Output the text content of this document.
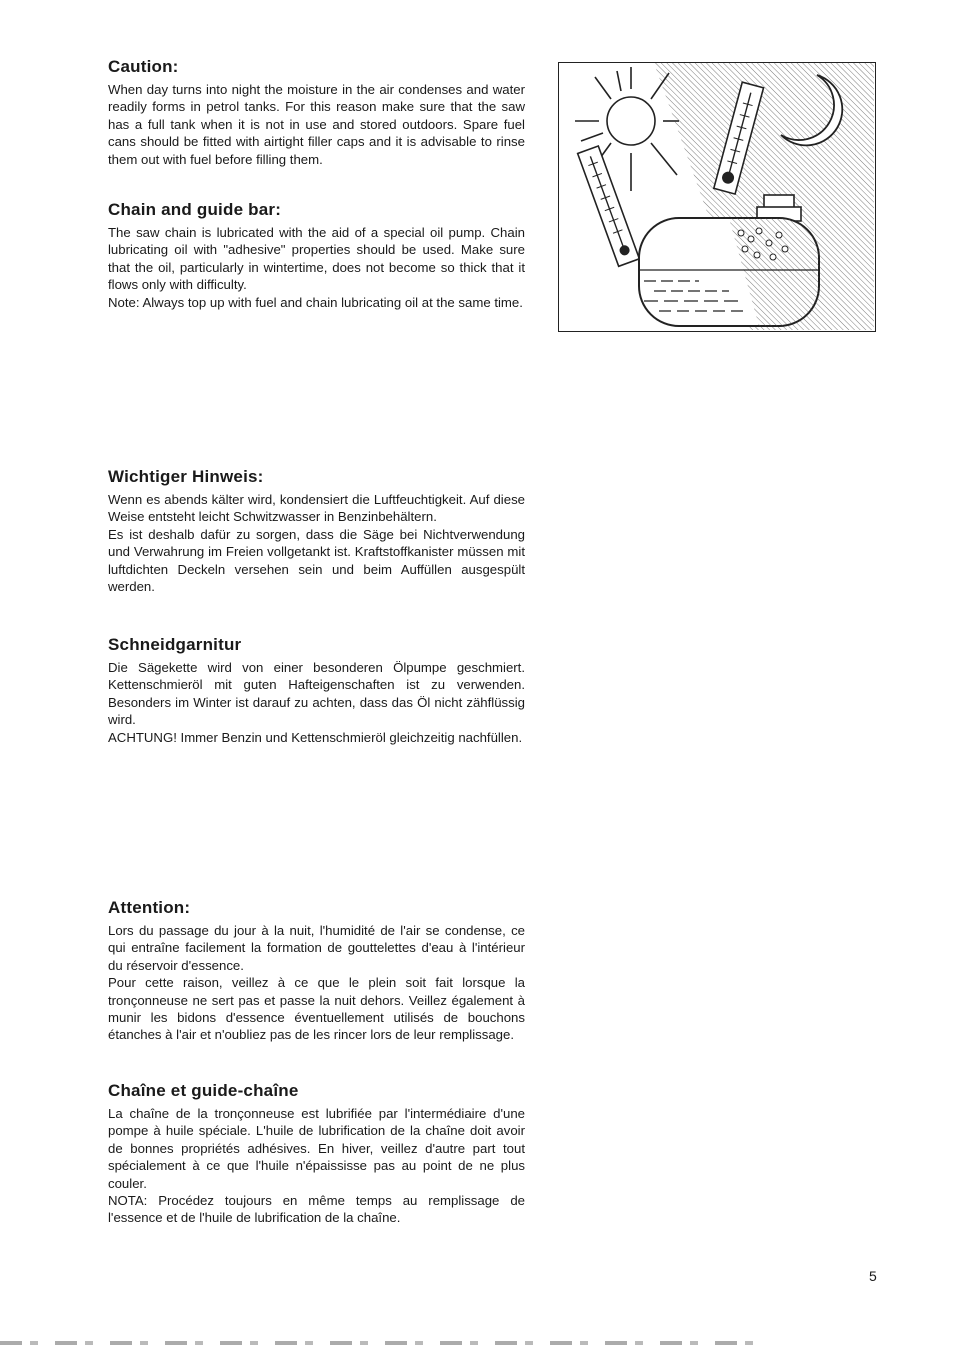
Caution:

When day turns into night the moisture in the air condenses and water readily forms in petrol tanks. For this reason make sure that the saw has a full tank when it is not in use and stored outdoors. Spare fuel cans should be fitted with airtight filler caps and it is advisable to rinse them out with fuel before filling them.

Chain and guide bar:

The saw chain is lubricated with the aid of a special oil pump. Chain lubricating oil with "adhesive" properties should be used. Make sure that the oil, particularly in wintertime, does not become so thick that it flows only with difficulty.

Note: Always top up with fuel and chain lubricating oil at the same time.

Wichtiger Hinweis:

Wenn es abends kälter wird, kondensiert die Luftfeuchtigkeit. Auf diese Weise entsteht leicht Schwitzwasser in Benzinbehältern.

Es ist deshalb dafür zu sorgen, dass die Säge bei Nichtverwendung und Verwahrung im Freien vollgetankt ist. Kraftstoffkanister müssen mit luftdichten Deckeln versehen sein und beim Auffüllen ausgespült werden.

Schneidgarnitur

Die Sägekette wird von einer besonderen Ölpumpe geschmiert. Kettenschmieröl mit guten Hafteigenschaften ist zu verwenden. Besonders im Winter ist darauf zu achten, dass das Öl nicht zähflüssig wird.

ACHTUNG! Immer Benzin und Kettenschmieröl gleichzeitig nachfüllen.

Attention:

Lors du passage du jour à la nuit, l'humidité de l'air se condense, ce qui entraîne facilement la formation de gouttelettes d'eau à l'intérieur du réservoir d'essence.

Pour cette raison, veillez à ce que le plein soit fait lorsque la tronçonneuse ne sert pas et passe la nuit dehors. Veillez également à munir les bidons d'essence éventuellement utilisés de bouchons étanches à l'air et n'oubliez pas de les rincer lors de leur remplissage.

Chaîne et guide-chaîne

La chaîne de la tronçonneuse est lubrifiée par l'intermédiaire d'une pompe à huile spéciale. L'huile de lubrification de la chaîne doit avoir de bonnes propriétés adhésives. En hiver, veillez d'autre part tout spécialement à ce que l'huile n'épaississe pas au point de ne plus couler.

NOTA: Procédez toujours en même temps au remplissage de l'essence et de l'huile de lubrification de la chaîne.

5
